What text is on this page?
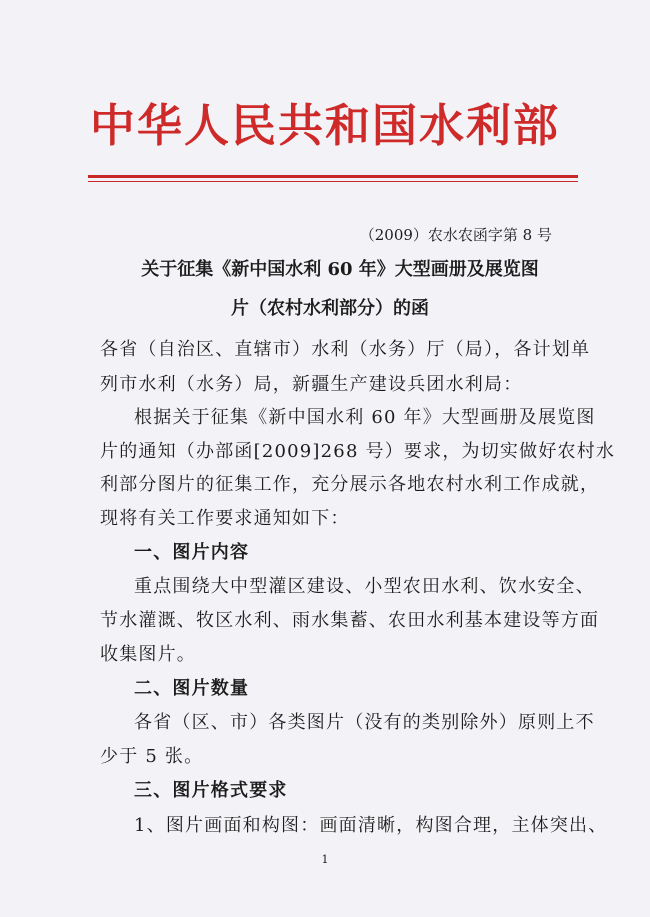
中华人民共和国水利部
（2009）农水农函字第 8 号
关于征集《新中国水利 60 年》大型画册及展览图
片（农村水利部分）的函
各省（自治区、直辖市）水利（水务）厅（局），各计划单
列市水利（水务）局，新疆生产建设兵团水利局：
根据关于征集《新中国水利 60 年》大型画册及展览图
片的通知（办部函[2009]268 号）要求，为切实做好农村水
利部分图片的征集工作，充分展示各地农村水利工作成就，
现将有关工作要求通知如下：
一、图片内容
重点围绕大中型灌区建设、小型农田水利、饮水安全、
节水灌溉、牧区水利、雨水集蓄、农田水利基本建设等方面
收集图片。
二、图片数量
各省（区、市）各类图片（没有的类别除外）原则上不
少于 5 张。
三、图片格式要求
1、图片画面和构图：画面清晰，构图合理，主体突出、
1
